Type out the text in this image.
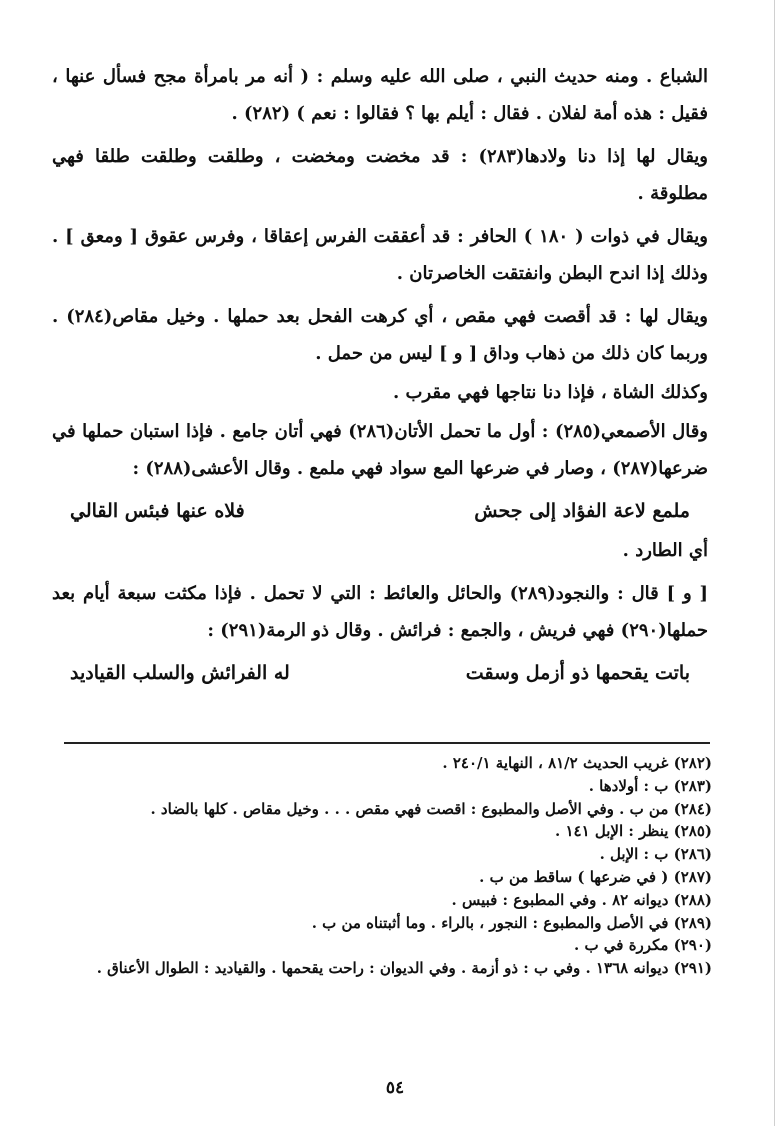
الشباع . ومنه حديث النبي ، صلى الله عليه وسلم : ( أنه مر بامرأة مجح فسأل عنها ، فقيل : هذه أمة لفلان . فقال : أيلم بها ؟ فقالوا : نعم ) (٢٨٢) .

ويقال لها إذا دنا ولادها(٢٨٣) : قد مخضت ومخضت ، وطلقت وطلقت طلقا فهي مطلوقة .

ويقال في ذوات ( ١٨٠ ) الحافر : قد أعققت الفرس إعقاقا ، وفرس عقوق [ ومعق ] . وذلك إذا اندح البطن وانفتقت الخاصرتان .

ويقال لها : قد أقصت فهي مقص ، أي كرهت الفحل بعد حملها . وخيل مقاص(٢٨٤) . وربما كان ذلك من ذهاب وداق [ و ] ليس من حمل .

وكذلك الشاة ، فإذا دنا نتاجها فهي مقرب .

وقال الأصمعي(٢٨٥) : أول ما تحمل الأتان(٢٨٦) فهي أتان جامع . فإذا استبان حملها في ضرعها(٢٨٧) ، وصار في ضرعها المع سواد فهي ملمع . وقال الأعشى(٢٨٨) :

ملمع لاعة الفؤاد إلى جحش
فلاه عنها فبئس القالي
أي الطارد .

[ و ] قال : والنجود(٢٨٩) والحائل والعائط : التي لا تحمل . فإذا مكثت سبعة أيام بعد حملها(٢٩٠) فهي فريش ، والجمع : فرائش . وقال ذو الرمة(٢٩١) :

باتت يقحمها ذو أزمل وسقت
له الفرائش والسلب القياديد

(٢٨٢) غريب الحديث ٨١/٢ ، النهاية ٢٤٠/١ .

(٢٨٣) ب : أولادها .

(٢٨٤) من ب . وفي الأصل والمطبوع : اقصت فهي مقص . . . وخيل مقاص . كلها بالضاد .

(٢٨٥) ينظر : الإبل ١٤١ .

(٢٨٦) ب : الإبل .

(٢٨٧) ( في ضرعها ) ساقط من ب .

(٢٨٨) ديوانه ٨٢ . وفي المطبوع : فبيس .

(٢٨٩) في الأصل والمطبوع : النجور ، بالراء . وما أثبتناه من ب .

(٢٩٠) مكررة في ب .

(٢٩١) ديوانه ١٣٦٨ . وفي ب : ذو أزمة . وفي الديوان : راحت يقحمها . والقياديد : الطوال الأعناق .

٥٤
